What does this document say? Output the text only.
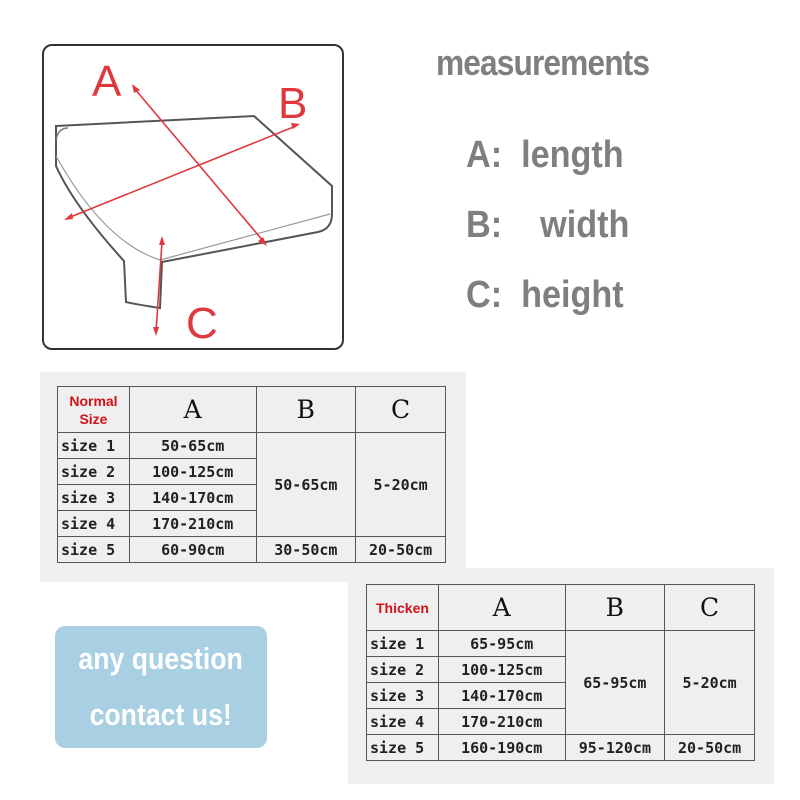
A	B
C
measurements
A: length
B: width
C: height
Normal
Size	A	B	C
size 1	50-65cm	50-65cm	5-20cm
size 2	100-125cm		
size 3	140-170cm		
size 4	170-210cm		
size 5	60-90cm	30-50cm	20-50cm
Thicken	A	B	C
size 1	65-95cm	65-95cm	5-20cm
size 2	100-125cm		
size 3	140-170cm		
size 4	170-210cm		
size 5	160-190cm	95-120cm	20-50cm
any question
contact us!
